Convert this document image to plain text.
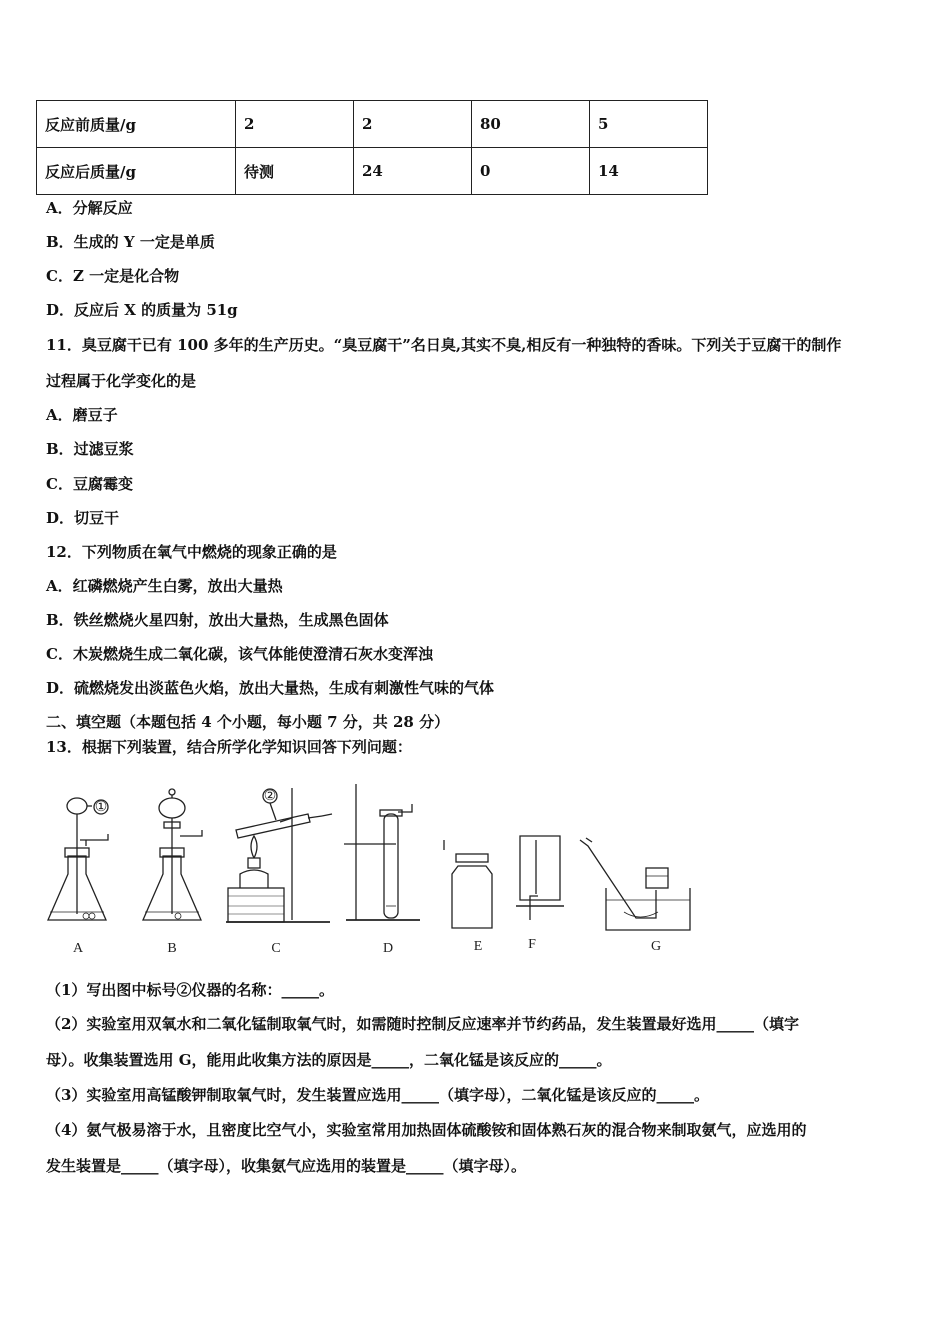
反应前质量/g	2	2	80	5
反应后质量/g	待测	24	0	14
A．分解反应
B．生成的 Y 一定是单质
C．Z 一定是化合物
D．反应后 X 的质量为 51g
11．臭豆腐干已有 100 多年的生产历史。“臭豆腐干”名日臭,其实不臭,相反有一种独特的香味。下列关于豆腐干的制作
过程属于化学变化的是
A．磨豆子
B．过滤豆浆
C．豆腐霉变
D．切豆干
12．下列物质在氧气中燃烧的现象正确的是
A．红磷燃烧产生白雾，放出大量热
B．铁丝燃烧火星四射，放出大量热，生成黑色固体
C．木炭燃烧生成二氧化碳，该气体能使澄清石灰水变浑浊
D．硫燃烧发出淡蓝色火焰，放出大量热，生成有刺激性气味的气体
二、填空题（本题包括 4 个小题，每小题 7 分，共 28 分）
13．根据下列装置，结合所学化学知识回答下列问题：
①
②
A	B	C	D	E	F	G
（1）写出图中标号②仪器的名称：_____。
（2）实验室用双氧水和二氧化锰制取氧气时，如需随时控制反应速率并节约药品，发生装置最好选用_____（填字
母）。收集装置选用 G，能用此收集方法的原因是_____，二氧化锰是该反应的_____。
（3）实验室用高锰酸钾制取氧气时，发生装置应选用_____（填字母），二氧化锰是该反应的_____。
（4）氨气极易溶于水，且密度比空气小，实验室常用加热固体硫酸铵和固体熟石灰的混合物来制取氨气，应选用的
发生装置是_____（填字母），收集氨气应选用的装置是_____（填字母）。
